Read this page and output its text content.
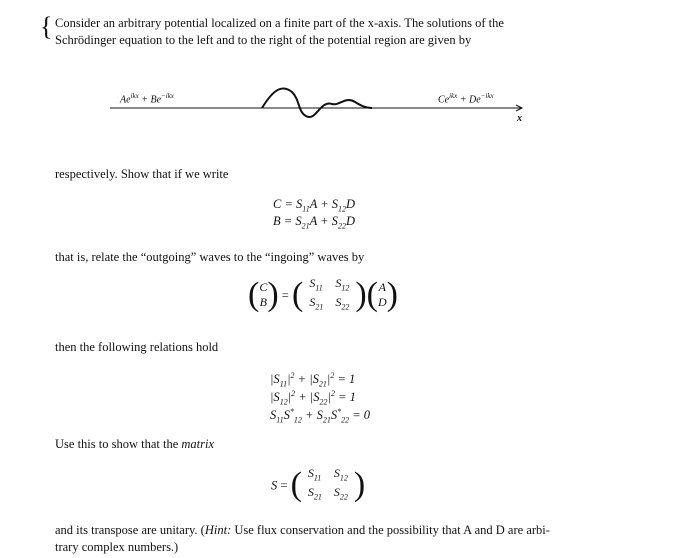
{ Consider an arbitrary potential localized on a finite part of the x-axis. The solutions of the

Schrödinger equation to the left and to the right of the potential region are given by

$Ae^{ikx} + Be^{-ikx}$	$Ce^{ikx} + De^{-ikx}$
x

respectively. Show that if we write

$C = S_{11}A + S_{12}D$
$B = S_{21}A + S_{22}D$

that is, relate the “outgoing” waves to the “ingoing” waves by

(C
B) = ( $S_{11}$	$S_{12}$
$S_{21}$	$S_{22}$ )(A
D)

then the following relations hold

$|S_{11}|^2 + |S_{21}|^2 = 1$
$|S_{12}|^2 + |S_{22}|^2 = 1$
$S_{11}S^*_{12} + S_{21}S^*_{22} = 0$

Use this to show that the matrix

S = ( $S_{11}$	$S_{12}$
$S_{21}$	$S_{22}$ )

and its transpose are unitary. (Hint: Use flux conservation and the possibility that A and D are arbi-

trary complex numbers.)
